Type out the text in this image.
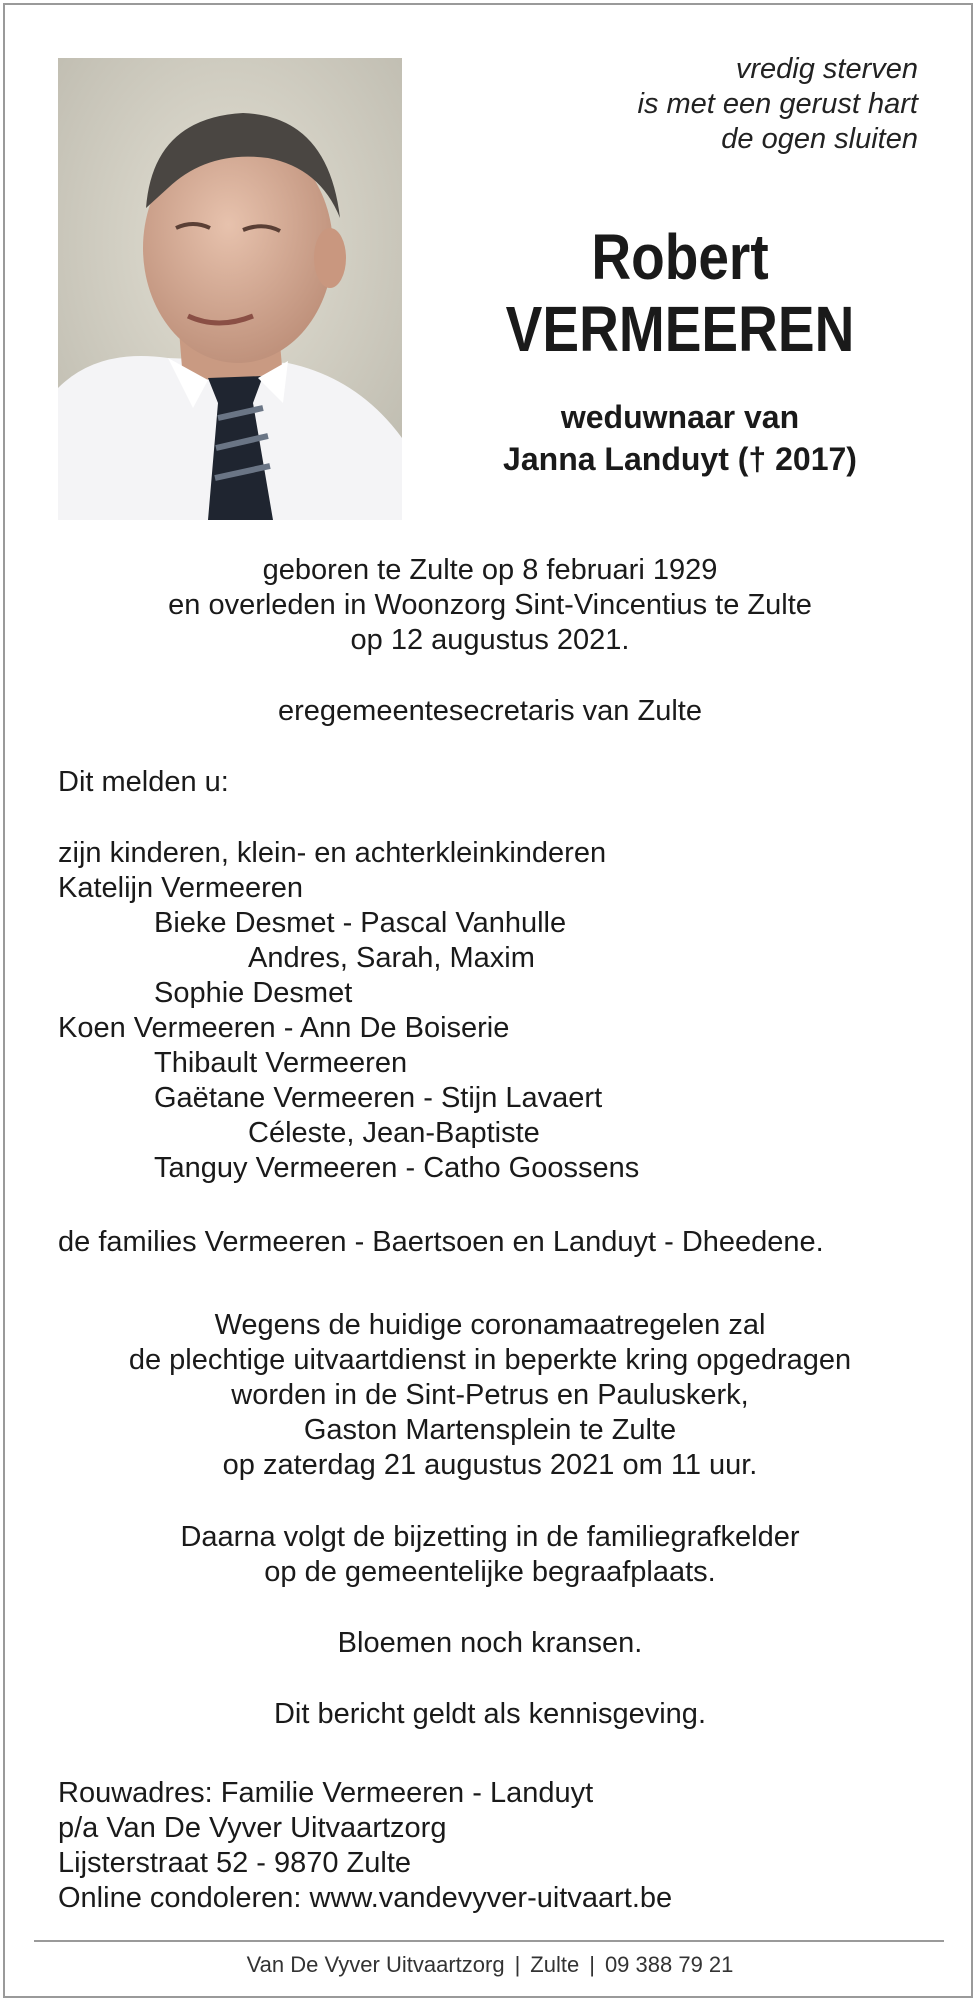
vredig sterven
is met een gerust hart
de ogen sluiten
Robert
VERMEEREN
weduwnaar van
Janna Landuyt († 2017)
geboren te Zulte op 8 februari 1929
en overleden in Woonzorg Sint-Vincentius te Zulte
op 12 augustus 2021.
eregemeentesecretaris van Zulte
Dit melden u:
zijn kinderen, klein- en achterkleinkinderen
Katelijn Vermeeren
Bieke Desmet - Pascal Vanhulle
Andres, Sarah, Maxim
Sophie Desmet
Koen Vermeeren - Ann De Boiserie
Thibault Vermeeren
Gaëtane Vermeeren - Stijn Lavaert
Céleste, Jean-Baptiste
Tanguy Vermeeren - Catho Goossens
de families Vermeeren - Baertsoen en Landuyt - Dheedene.
Wegens de huidige coronamaatregelen zal
de plechtige uitvaartdienst in beperkte kring opgedragen
worden in de Sint-Petrus en Pauluskerk,
Gaston Martensplein te Zulte
op zaterdag 21 augustus 2021 om 11 uur.
Daarna volgt de bijzetting in de familiegrafkelder
op de gemeentelijke begraafplaats.
Bloemen noch kransen.
Dit bericht geldt als kennisgeving.
Rouwadres: Familie Vermeeren - Landuyt
p/a Van De Vyver Uitvaartzorg
Lijsterstraat 52 - 9870 Zulte
Online condoleren: www.vandevyver-uitvaart.be
Van De Vyver Uitvaartzorg | Zulte | 09 388 79 21
